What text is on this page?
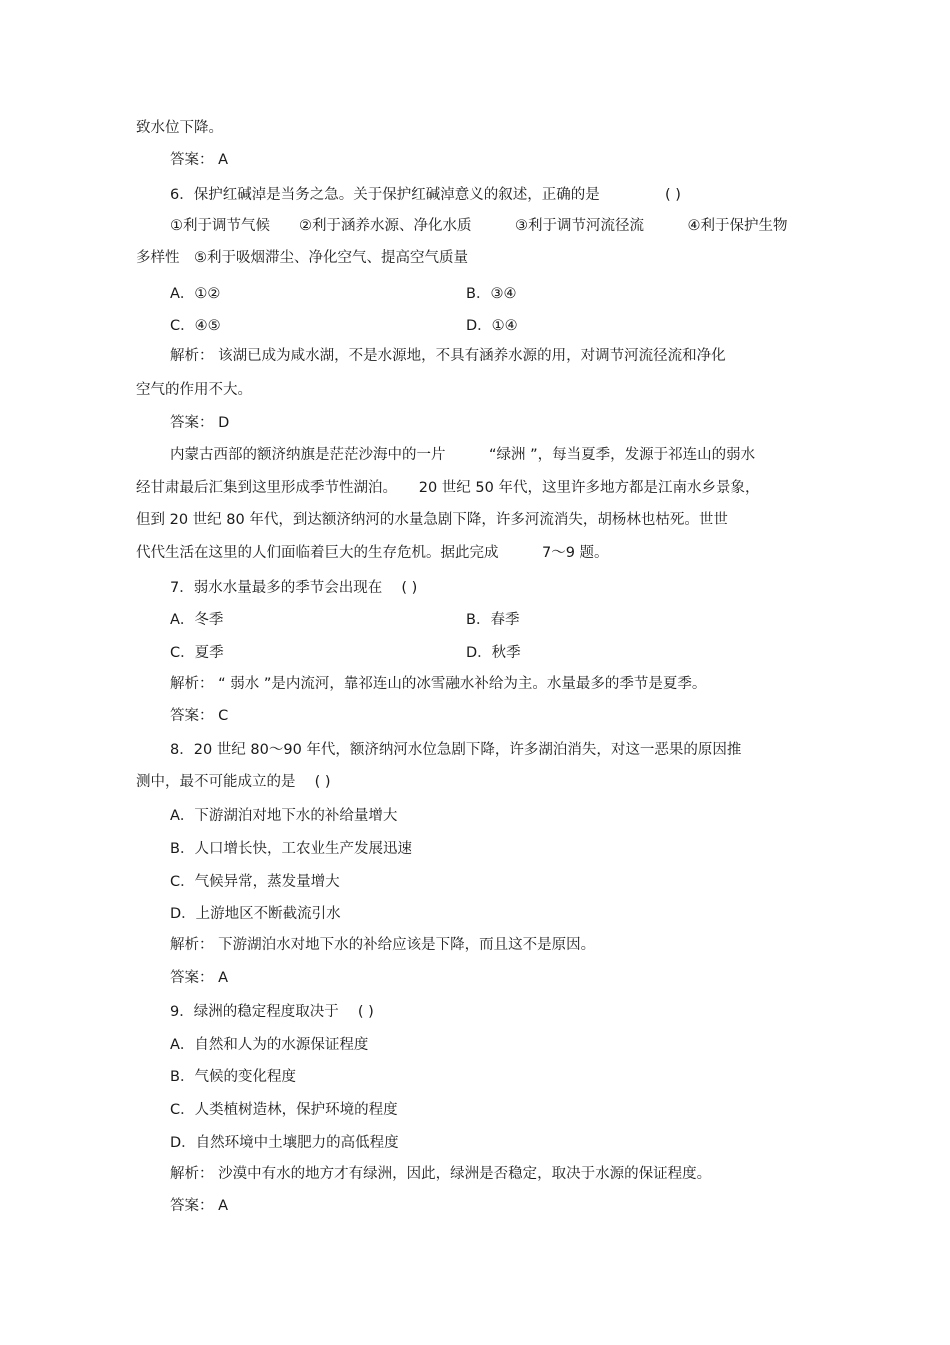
致水位下降。
答案： A
6．保护红碱淖是当务之急。关于保护红碱淖意义的叙述，正确的是	( )
①利于调节气候　　②利于涵养水源、净化水质　　　③利于调节河流径流　　　④利于保护生物
多样性　⑤利于吸烟滞尘、净化空气、提高空气质量
A．①②	B．③④
C．④⑤	D．①④
解析： 该湖已成为咸水湖，不是水源地，不具有涵养水源的用，对调节河流径流和净化
空气的作用不大。
答案： D
内蒙古西部的额济纳旗是茫茫沙海中的一片　　　“绿洲 ”，每当夏季，发源于祁连山的弱水
经甘肃最后汇集到这里形成季节性湖泊。　　20 世纪 50 年代，这里许多地方都是江南水乡景象，
但到 20 世纪 80 年代，到达额济纳河的水量急剧下降，许多河流消失，胡杨林也枯死。世世
代代生活在这里的人们面临着巨大的生存危机。据此完成　　　7～9 题。
7．弱水水量最多的季节会出现在　 ( )
A．冬季	B．春季
C．夏季	D．秋季
解析： “ 弱水 ”是内流河，靠祁连山的冰雪融水补给为主。水量最多的季节是夏季。
答案： C
8．20 世纪 80～90 年代，额济纳河水位急剧下降，许多湖泊消失，对这一恶果的原因推
测中，最不可能成立的是　 ( )
A．下游湖泊对地下水的补给量增大
B．人口增长快，工农业生产发展迅速
C．气候异常，蒸发量增大
D．上游地区不断截流引水
解析： 下游湖泊水对地下水的补给应该是下降，而且这不是原因。
答案： A
9．绿洲的稳定程度取决于　 ( )
A．自然和人为的水源保证程度
B．气候的变化程度
C．人类植树造林，保护环境的程度
D．自然环境中土壤肥力的高低程度
解析： 沙漠中有水的地方才有绿洲，因此，绿洲是否稳定，取决于水源的保证程度。
答案： A
